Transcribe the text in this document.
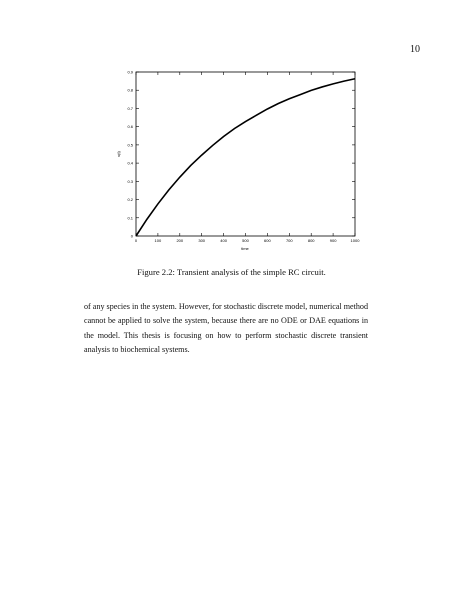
10
0
0.1
0.2
0.3
0.4
0.5
0.6
0.7
0.8
0.9
0	100	200	300	400	500	600	700	800	900	1000
v(t)
time
Figure 2.2: Transient analysis of the simple RC circuit.
of any species in the system. However, for stochastic discrete model, numerical method cannot be applied to solve the system, because there are no ODE or DAE equations in the model. This thesis is focusing on how to perform stochastic discrete transient analysis to biochemical systems.
